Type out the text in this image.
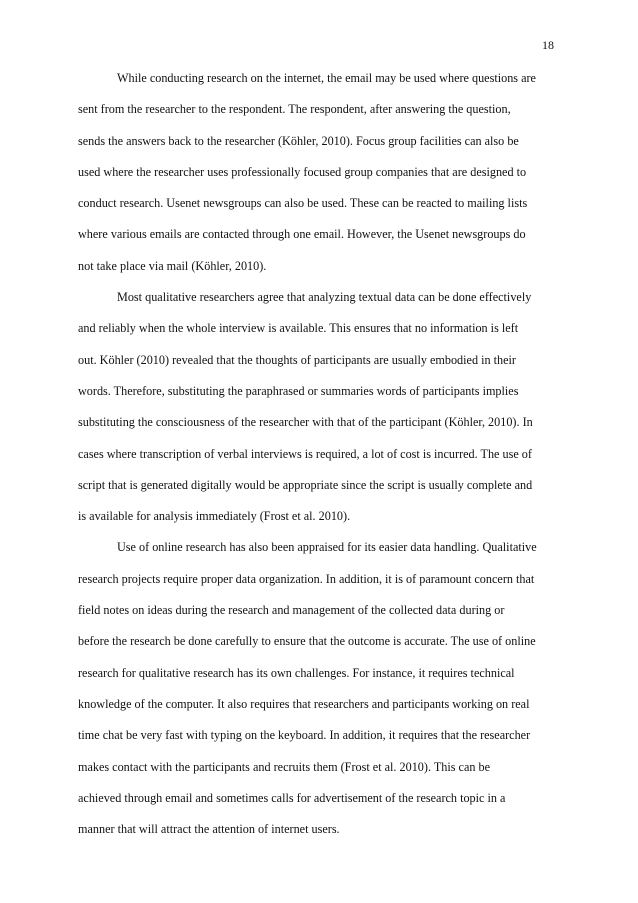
18
While conducting research on the internet, the email may be used where questions are
sent from the researcher to the respondent. The respondent, after answering the question,
sends the answers back to the researcher (Köhler, 2010). Focus group facilities can also be
used where the researcher uses professionally focused group companies that are designed to
conduct research. Usenet newsgroups can also be used. These can be reacted to mailing lists
where various emails are contacted through one email. However, the Usenet newsgroups do
not take place via mail (Köhler, 2010).
Most qualitative researchers agree that analyzing textual data can be done effectively
and reliably when the whole interview is available. This ensures that no information is left
out. Köhler (2010) revealed that the thoughts of participants are usually embodied in their
words. Therefore, substituting the paraphrased or summaries words of participants implies
substituting the consciousness of the researcher with that of the participant (Köhler, 2010). In
cases where transcription of verbal interviews is required, a lot of cost is incurred. The use of
script that is generated digitally would be appropriate since the script is usually complete and
is available for analysis immediately (Frost et al. 2010).
Use of online research has also been appraised for its easier data handling. Qualitative
research projects require proper data organization. In addition, it is of paramount concern that
field notes on ideas during the research and management of the collected data during or
before the research be done carefully to ensure that the outcome is accurate. The use of online
research for qualitative research has its own challenges. For instance, it requires technical
knowledge of the computer. It also requires that researchers and participants working on real
time chat be very fast with typing on the keyboard. In addition, it requires that the researcher
makes contact with the participants and recruits them (Frost et al. 2010). This can be
achieved through email and sometimes calls for advertisement of the research topic in a
manner that will attract the attention of internet users.
